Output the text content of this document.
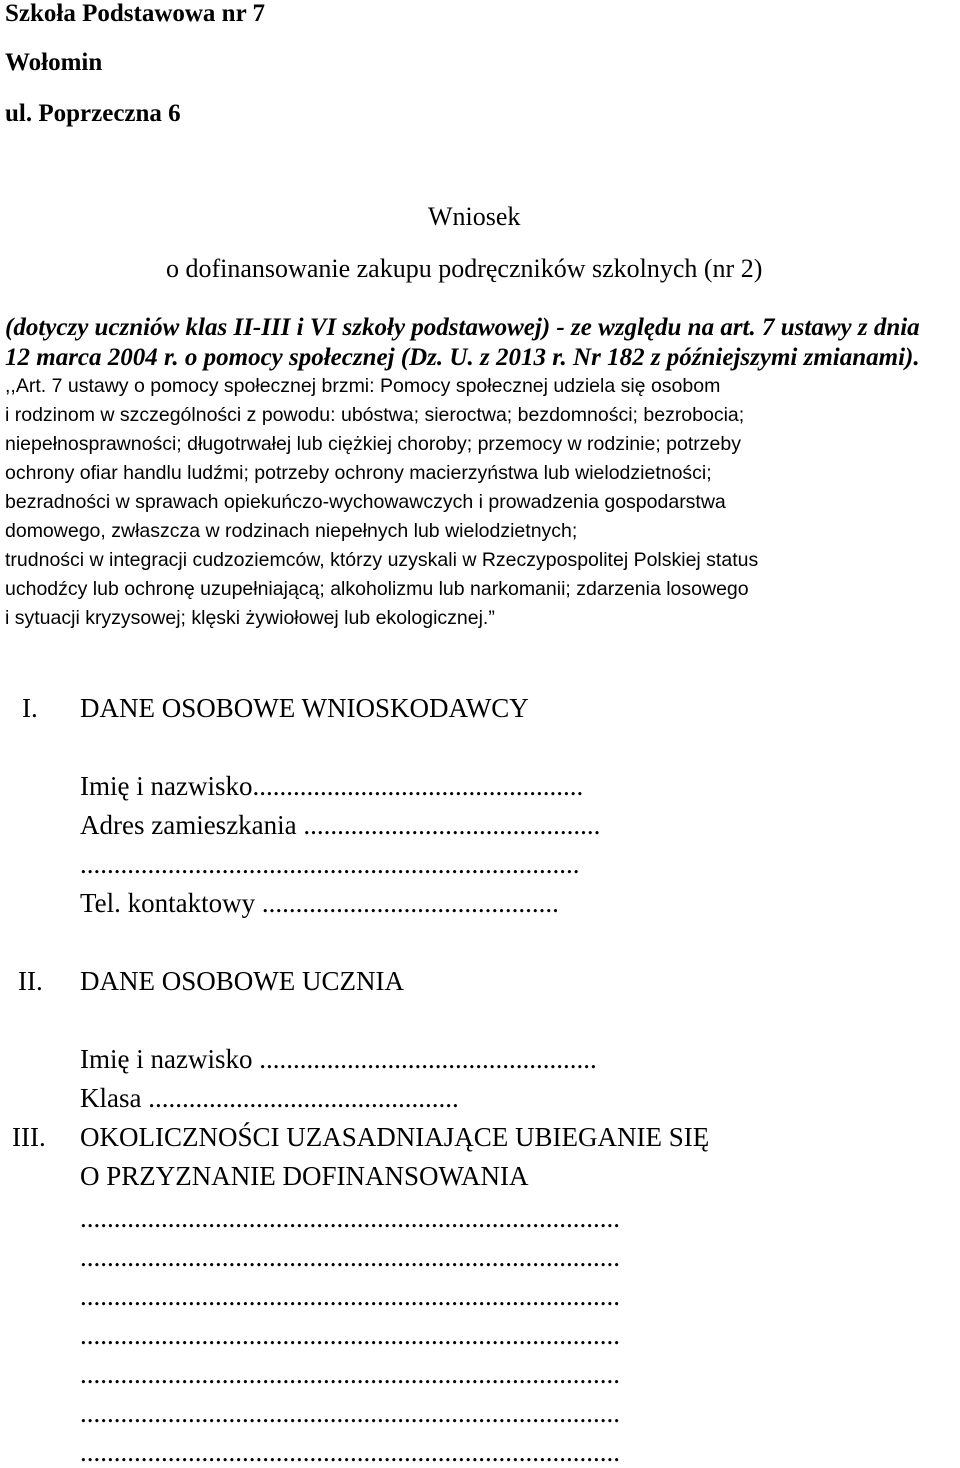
Szkoła Podstawowa nr 7
Wołomin
ul. Poprzeczna 6
Wniosek
o dofinansowanie zakupu podręczników szkolnych (nr 2)
(dotyczy uczniów klas II-III i VI szkoły podstawowej) - ze względu na art. 7 ustawy z dnia
12 marca 2004 r. o pomocy społecznej (Dz. U. z 2013 r. Nr 182 z późniejszymi zmianami).
,,Art. 7 ustawy o pomocy społecznej brzmi: Pomocy społecznej udziela się osobom
i rodzinom w szczególności z powodu: ubóstwa; sieroctwa; bezdomności; bezrobocia;
niepełnosprawności; długotrwałej lub ciężkiej choroby; przemocy w rodzinie; potrzeby
ochrony ofiar handlu ludźmi; potrzeby ochrony macierzyństwa lub wielodzietności;
bezradności w sprawach opiekuńczo-wychowawczych i prowadzenia gospodarstwa
domowego, zwłaszcza w rodzinach niepełnych lub wielodzietnych;
trudności w integracji cudzoziemców, którzy uzyskali w Rzeczypospolitej Polskiej status
uchodźcy lub ochronę uzupełniającą; alkoholizmu lub narkomanii; zdarzenia losowego
i sytuacji kryzysowej; klęski żywiołowej lub ekologicznej.”
I. DANE OSOBOWE WNIOSKODAWCY
Imię i nazwisko.................................................
Adres zamieszkania ............................................
..........................................................................
Tel. kontaktowy ............................................
II. DANE OSOBOWE UCZNIA
Imię i nazwisko ..................................................
Klasa ..............................................
III. OKOLICZNOŚCI UZASADNIAJĄCE UBIEGANIE SIĘ
O PRZYZNANIE DOFINANSOWANIA
................................................................................
................................................................................
................................................................................
................................................................................
................................................................................
................................................................................
................................................................................
